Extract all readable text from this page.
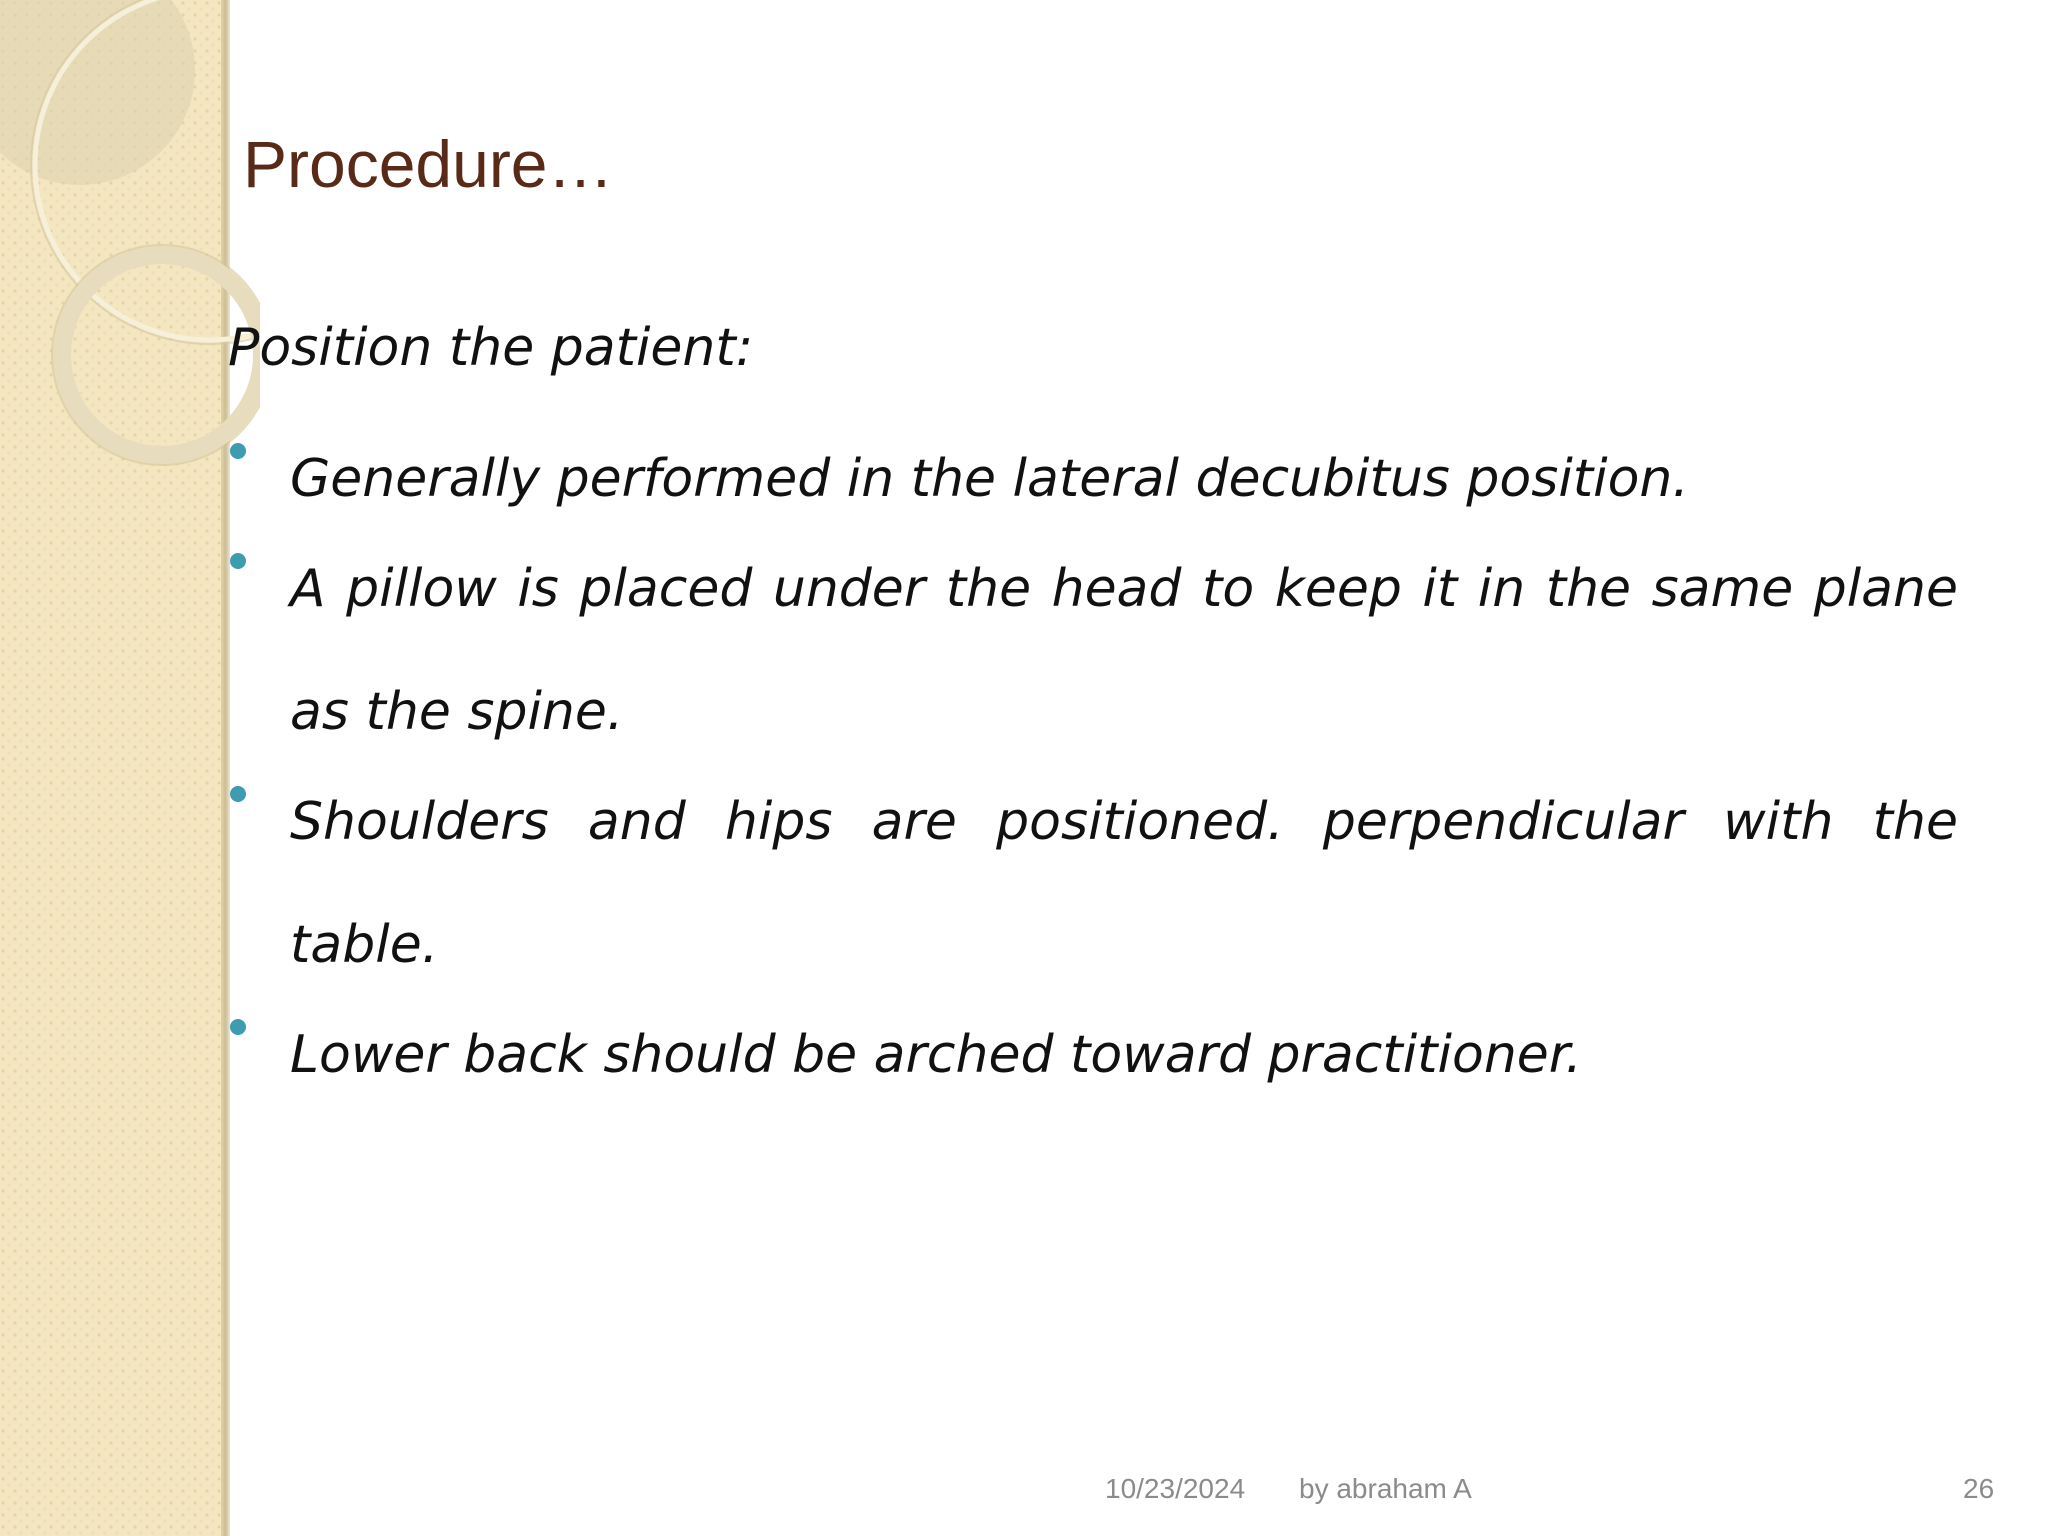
Procedure…
Position the patient:
Generally performed in the lateral decubitus position.
A pillow is placed under the head to keep it in the same plane as the spine.
Shoulders and hips are positioned. perpendicular with the table.
Lower back should be arched toward practitioner.
10/23/2024 by abraham A	26
